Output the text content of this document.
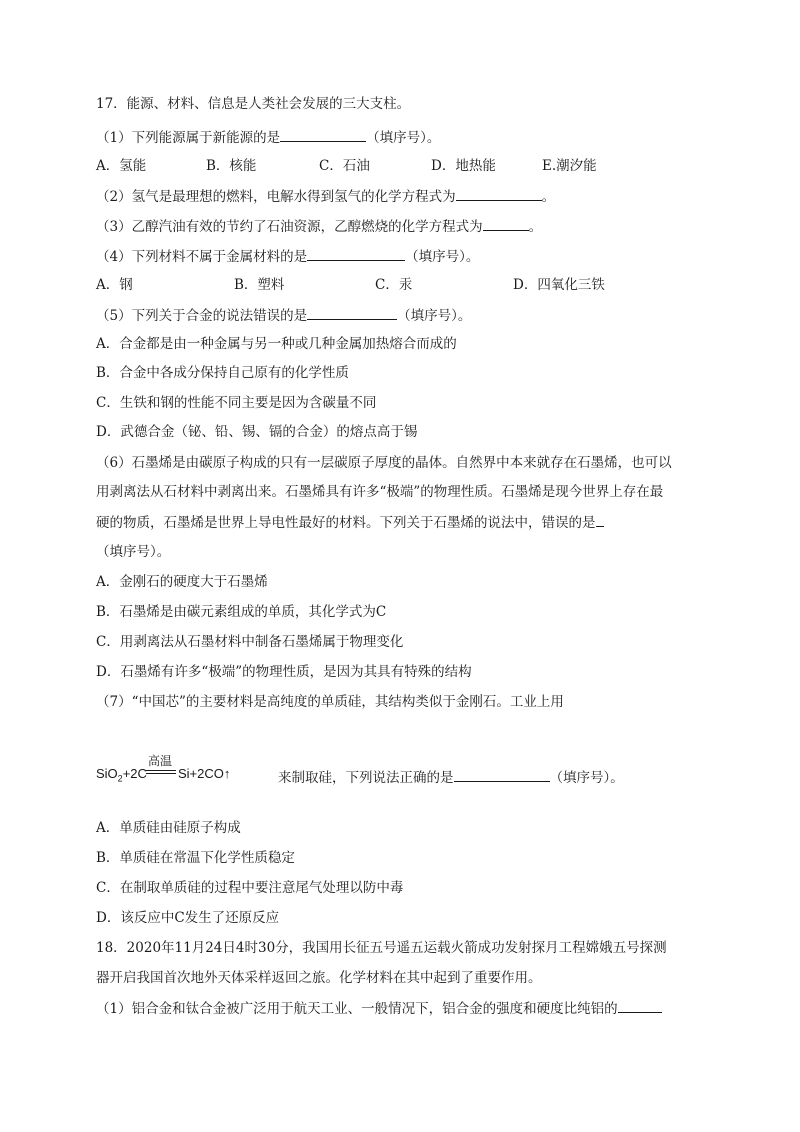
17．能源、材料、信息是人类社会发展的三大支柱。
（1）下列能源属于新能源的是	（填序号）。
A．氢能	B．核能	C．石油	D．地热能	E.潮汐能
（2）氢气是最理想的燃料，电解水得到氢气的化学方程式为	。
（3）乙醇汽油有效的节约了石油资源，乙醇燃烧的化学方程式为	。
（4）下列材料不属于金属材料的是	（填序号）。
A．钢	B．塑料	C．汞	D．四氧化三铁
（5）下列关于合金的说法错误的是	（填序号）。
A．合金都是由一种金属与另一种或几种金属加热熔合而成的
B．合金中各成分保持自己原有的化学性质
C．生铁和钢的性能不同主要是因为含碳量不同
D．武德合金（铋、铅、锡、镉的合金）的熔点高于锡
（6）石墨烯是由碳原子构成的只有一层碳原子厚度的晶体。自然界中本来就存在石墨烯，也可以
用剥离法从石材料中剥离出来。石墨烯具有许多“极端”的物理性质。石墨烯是现今世界上存在最
硬的物质，石墨烯是世界上导电性最好的材料。下列关于石墨烯的说法中，错误的是
（填序号）。
A．金刚石的硬度大于石墨烯
B．石墨烯是由碳元素组成的单质，其化学式为C
C．用剥离法从石墨材料中制备石墨烯属于物理变化
D．石墨烯有许多“极端”的物理性质，是因为其具有特殊的结构
（7）“中国芯”的主要材料是高纯度的单质硅，其结构类似于金刚石。工业上用
SiO$_2$+2C
高温
Si+2CO↑	来制取硅，下列说法正确的是	（填序号）。
A．单质硅由硅原子构成
B．单质硅在常温下化学性质稳定
C．在制取单质硅的过程中要注意尾气处理以防中毒
D．该反应中C发生了还原反应
18．2020年11月24日4时30分，我国用长征五号遥五运载火箭成功发射探月工程嫦娥五号探测
器开启我国首次地外天体采样返回之旅。化学材料在其中起到了重要作用。
（1）铝合金和钛合金被广泛用于航天工业、一般情况下，铝合金的强度和硬度比纯铝的
